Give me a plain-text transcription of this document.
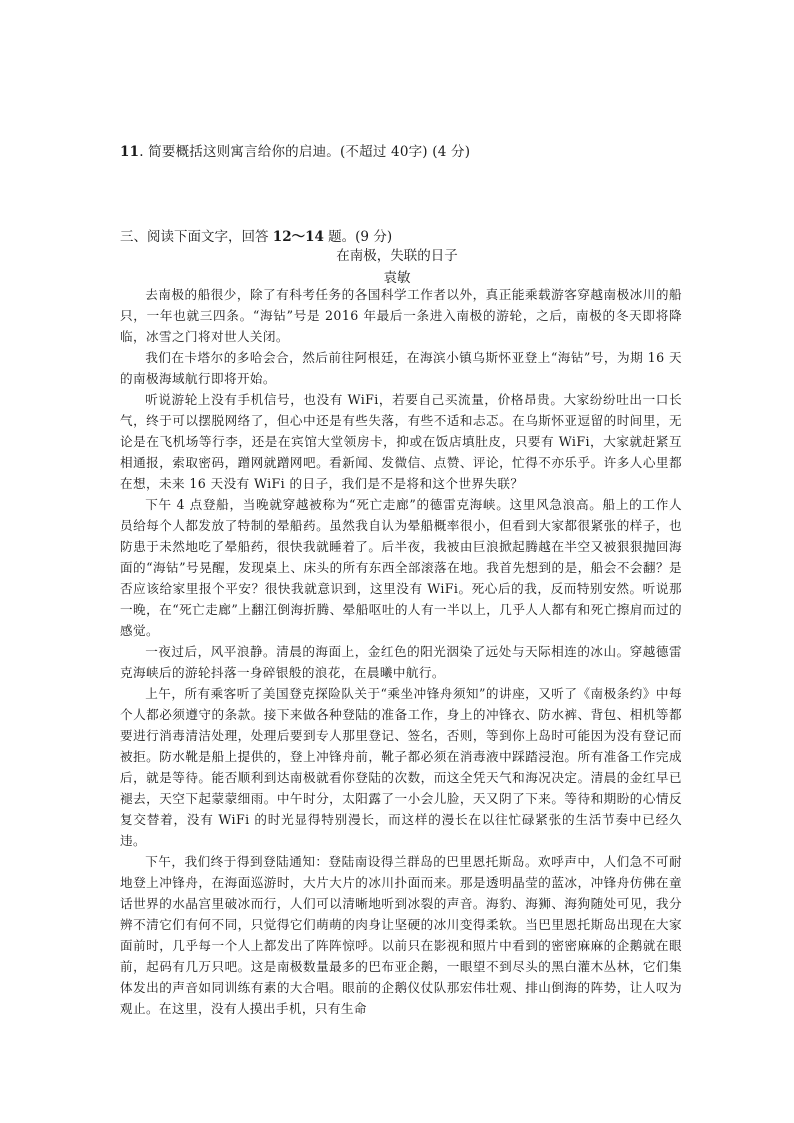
11. 简要概括这则寓言给你的启迪。(不超过 40字) (4 分)
三、阅读下面文字，回答 12～14 题。(9 分)
在南极，失联的日子
袁敏

去南极的船很少，除了有科考任务的各国科学工作者以外，真正能乘载游客穿越南极冰川的船只，一年也就三四条。“海钻”号是 2016 年最后一条进入南极的游轮，之后，南极的冬天即将降临，冰雪之门将对世人关闭。

我们在卡塔尔的多哈会合，然后前往阿根廷，在海滨小镇乌斯怀亚登上“海钻”号，为期 16 天的南极海域航行即将开始。

听说游轮上没有手机信号，也没有 WiFi，若要自己买流量，价格昂贵。大家纷纷吐出一口长气，终于可以摆脱网络了，但心中还是有些失落，有些不适和忐忑。在乌斯怀亚逗留的时间里，无论是在飞机场等行李，还是在宾馆大堂领房卡，抑或在饭店填肚皮，只要有 WiFi，大家就赶紧互相通报，索取密码，蹭网就蹭网吧。看新闻、发微信、点赞、评论，忙得不亦乐乎。许多人心里都在想，未来 16 天没有 WiFi 的日子，我们是不是将和这个世界失联？

下午 4 点登船，当晚就穿越被称为“死亡走廊”的德雷克海峡。这里风急浪高。船上的工作人员给每个人都发放了特制的晕船药。虽然我自认为晕船概率很小，但看到大家都很紧张的样子，也防患于未然地吃了晕船药，很快我就睡着了。后半夜，我被由巨浪掀起腾越在半空又被狠狠抛回海面的“海钻”号晃醒，发现桌上、床头的所有东西全部滚落在地。我首先想到的是，船会不会翻？是否应该给家里报个平安？很快我就意识到，这里没有 WiFi。死心后的我，反而特别安然。听说那一晚，在“死亡走廊”上翻江倒海折腾、晕船呕吐的人有一半以上，几乎人人都有和死亡擦肩而过的感觉。

一夜过后，风平浪静。清晨的海面上，金红色的阳光洇染了远处与天际相连的冰山。穿越德雷克海峡后的游轮抖落一身碎银般的浪花，在晨曦中航行。

上午，所有乘客听了美国登克探险队关于“乘坐冲锋舟须知”的讲座，又听了《南极条约》中每个人都必须遵守的条款。接下来做各种登陆的准备工作，身上的冲锋衣、防水裤、背包、相机等都要进行消毒清洁处理，处理后要到专人那里登记、签名，否则，等到你上岛时可能因为没有登记而被拒。防水靴是船上提供的，登上冲锋舟前，靴子都必须在消毒液中踩踏浸泡。所有准备工作完成后，就是等待。能否顺利到达南极就看你登陆的次数，而这全凭天气和海况决定。清晨的金红早已褪去，天空下起蒙蒙细雨。中午时分，太阳露了一小会儿脸，天又阴了下来。等待和期盼的心情反复交替着，没有 WiFi 的时光显得特别漫长，而这样的漫长在以往忙碌紧张的生活节奏中已经久违。

下午，我们终于得到登陆通知：登陆南设得兰群岛的巴里恩托斯岛。欢呼声中，人们急不可耐地登上冲锋舟，在海面巡游时，大片大片的冰川扑面而来。那是透明晶莹的蓝冰，冲锋舟仿佛在童话世界的水晶宫里破冰而行，人们可以清晰地听到冰裂的声音。海豹、海狮、海狗随处可见，我分辨不清它们有何不同，只觉得它们萌萌的肉身让坚硬的冰川变得柔软。当巴里恩托斯岛出现在大家面前时，几乎每一个人上都发出了阵阵惊呼。以前只在影视和照片中看到的密密麻麻的企鹅就在眼前，起码有几万只吧。这是南极数量最多的巴布亚企鹅，一眼望不到尽头的黑白灌木丛林，它们集体发出的声音如同训练有素的大合唱。眼前的企鹅仪仗队那宏伟壮观、排山倒海的阵势，让人叹为观止。在这里，没有人摸出手机，只有生命
